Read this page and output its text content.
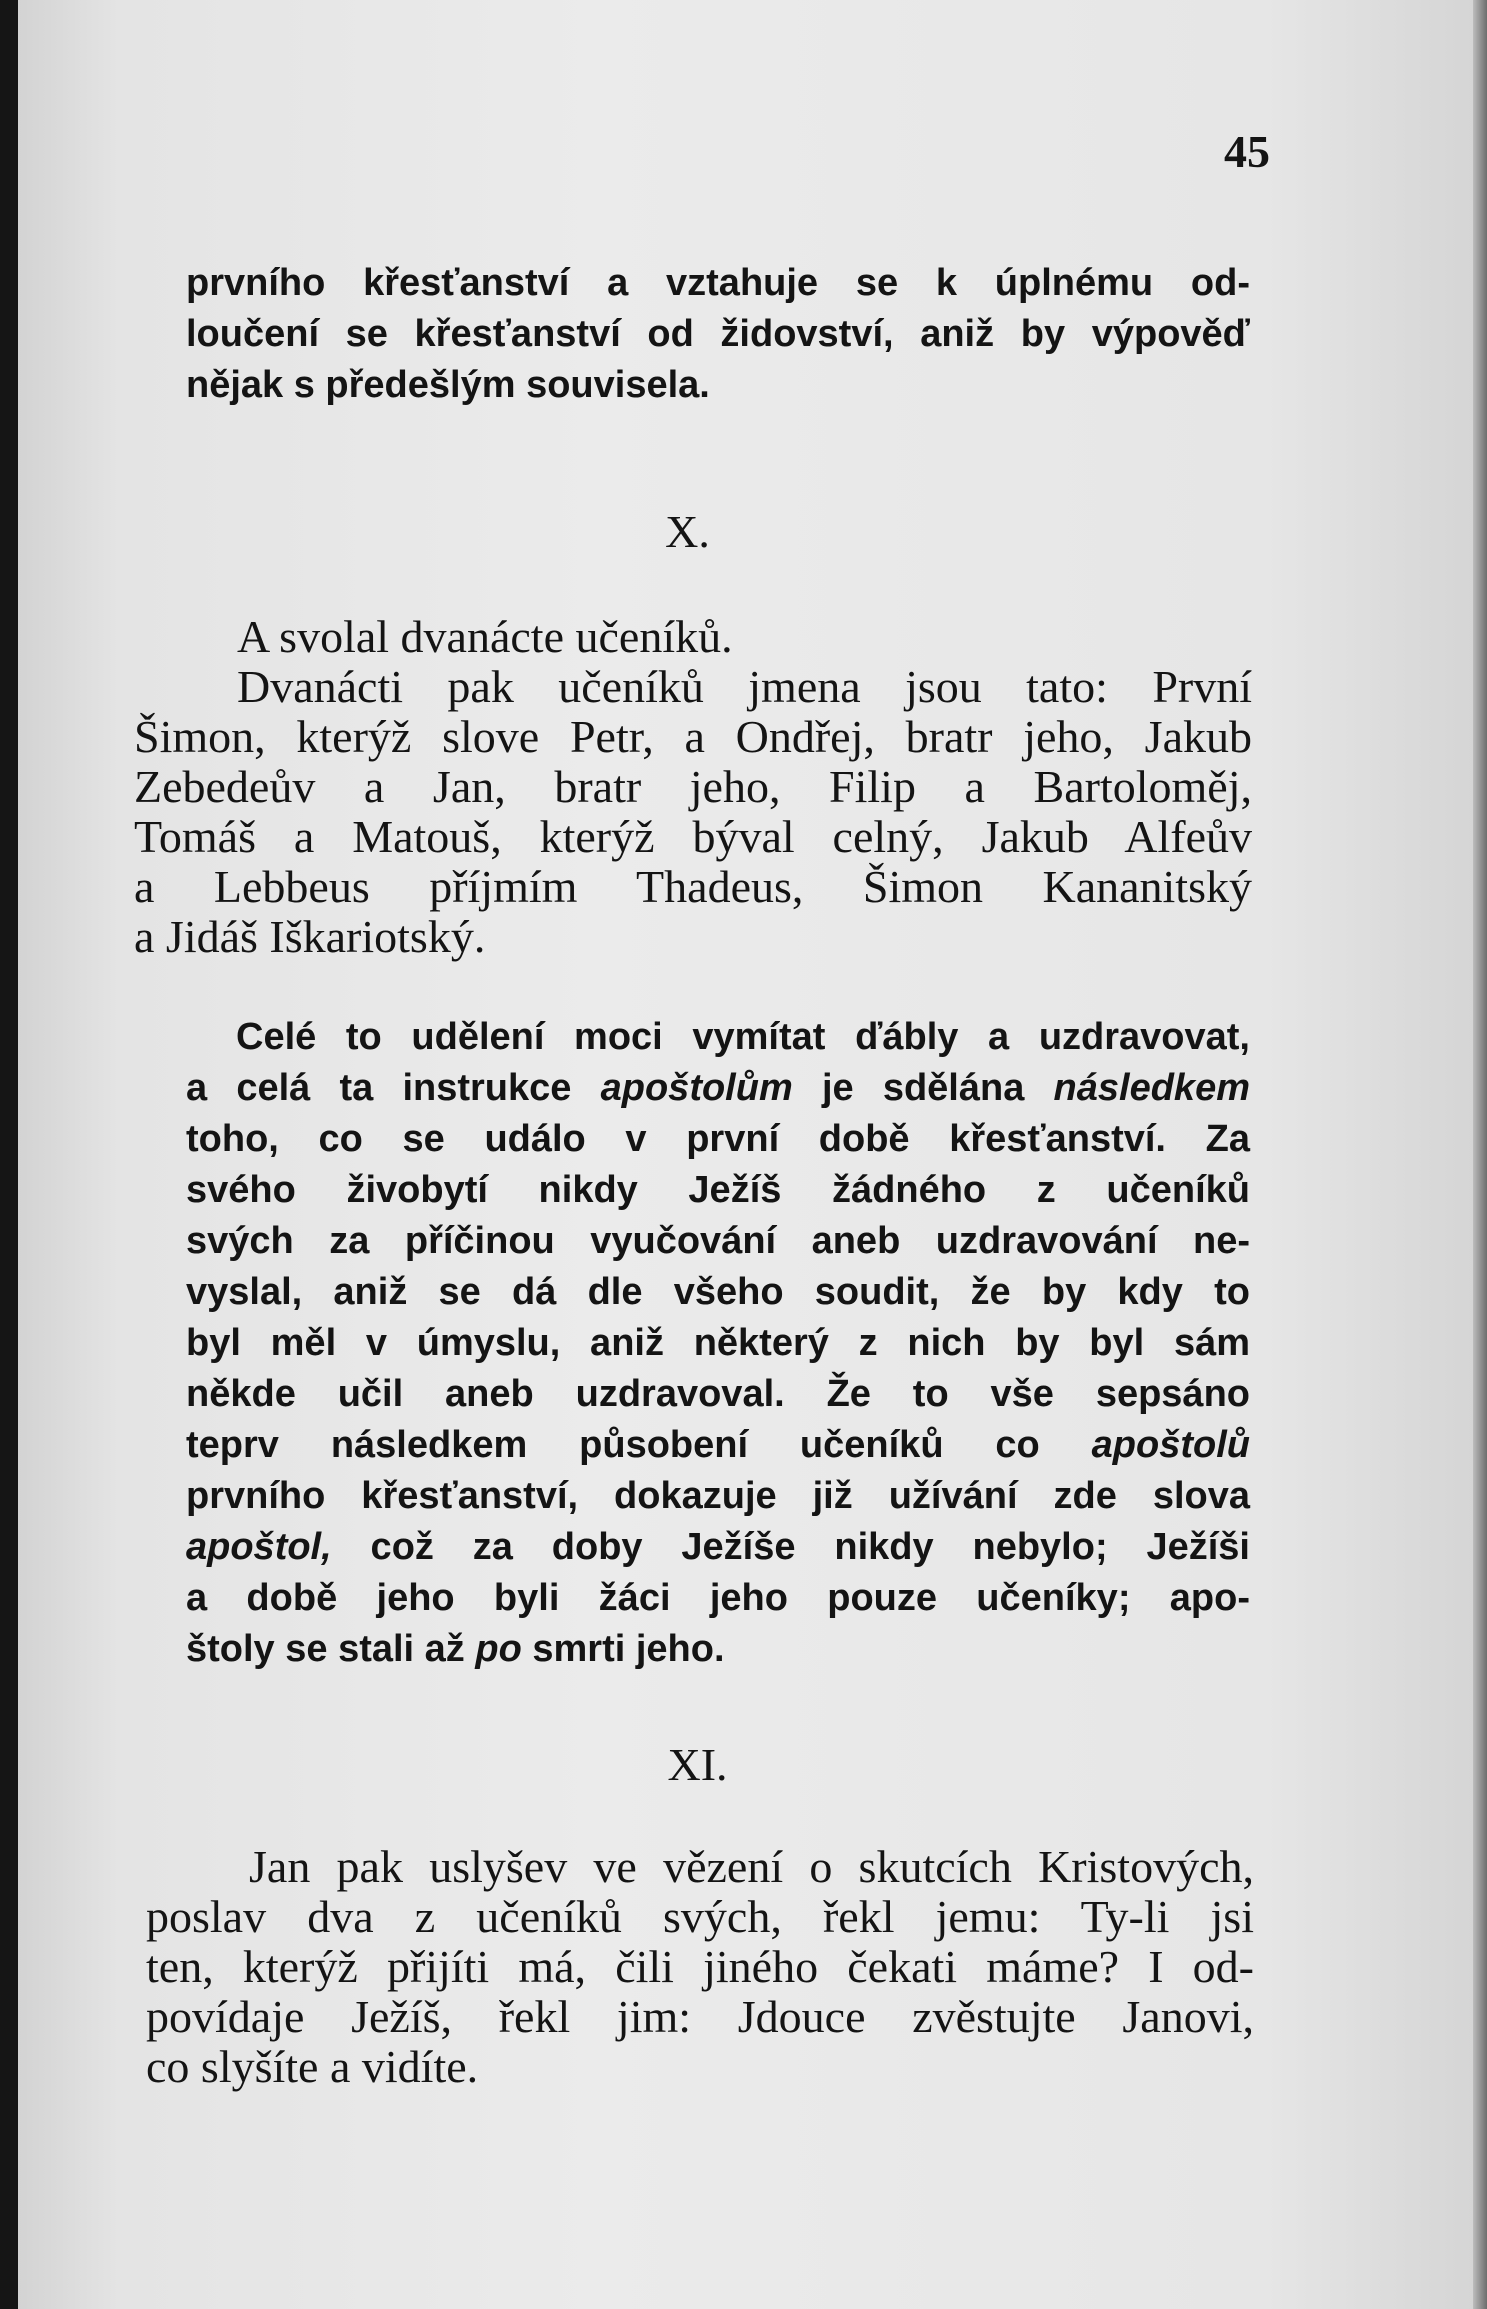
45
prvního křesťanství a vztahuje se k úplnému od-
loučení se křesťanství od židovství, aniž by výpověď
nějak s předešlým souvisela.
X.
A svolal dvanácte učeníků.
Dvanácti pak učeníků jmena jsou tato: První
Šimon, kterýž slove Petr, a Ondřej, bratr jeho, Jakub
Zebedeův a Jan, bratr jeho, Filip a Bartoloměj,
Tomáš a Matouš, kterýž býval celný, Jakub Alfeův
a Lebbeus příjmím Thadeus, Šimon Kananitský
a Jidáš Iškariotský.
Celé to udělení moci vymítat ďábly a uzdravovat,
a celá ta instrukce apoštolům je sdělána následkem
toho, co se událo v první době křesťanství. Za
svého živobytí nikdy Ježíš žádného z učeníků
svých za příčinou vyučování aneb uzdravování ne-
vyslal, aniž se dá dle všeho soudit, že by kdy to
byl měl v úmyslu, aniž některý z nich by byl sám
někde učil aneb uzdravoval. Že to vše sepsáno
teprv následkem působení učeníků co apoštolů
prvního křesťanství, dokazuje již užívání zde slova
apoštol, což za doby Ježíše nikdy nebylo; Ježíši
a době jeho byli žáci jeho pouze učeníky; apo-
štoly se stali až po smrti jeho.
XI.
Jan pak uslyšev ve vězení o skutcích Kristových,
poslav dva z učeníků svých, řekl jemu: Ty-li jsi
ten, kterýž přijíti má, čili jiného čekati máme? I od-
povídaje Ježíš, řekl jim: Jdouce zvěstujte Janovi,
co slyšíte a vidíte.
